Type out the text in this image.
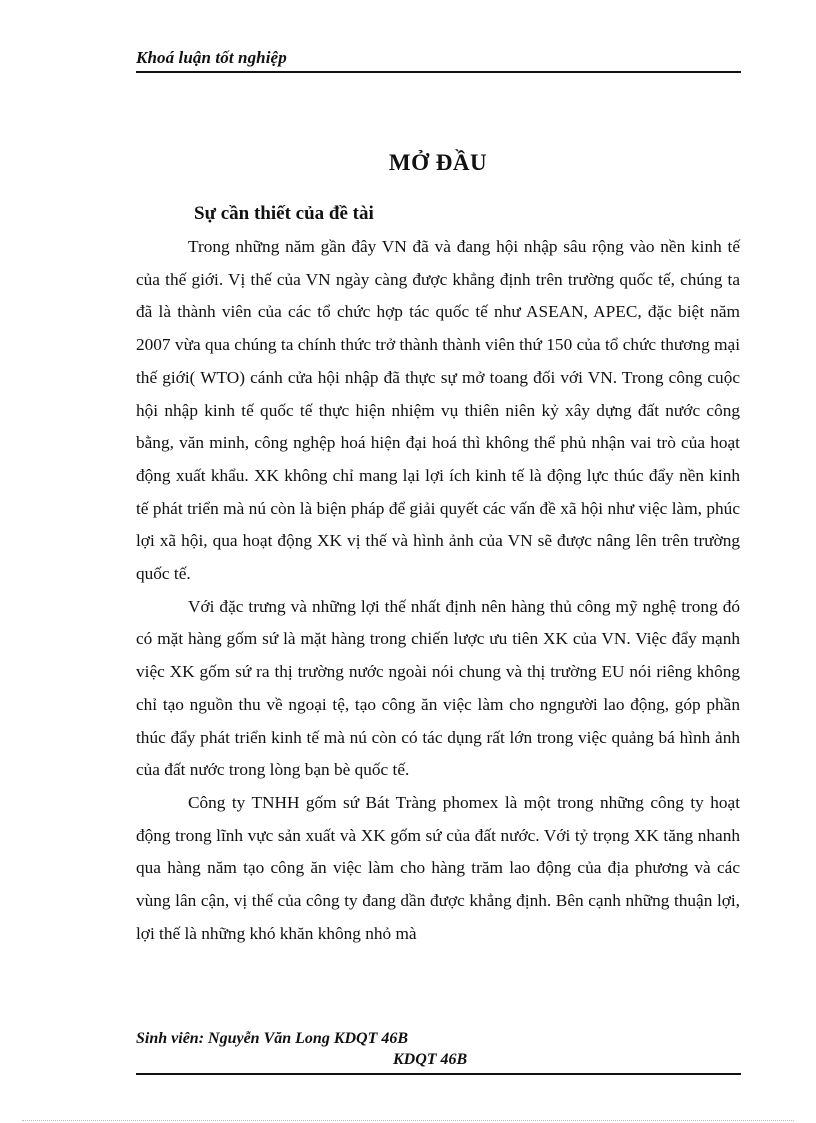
Khoá luận tốt nghiệp
MỞ ĐẦU
Sự cần thiết của đề tài

Trong những năm gần đây VN đã và đang hội nhập sâu rộng vào nền kinh tế của thế giới. Vị thế của VN ngày càng được khẳng định trên trường quốc tế, chúng ta đã là thành viên của các tổ chức hợp tác quốc tế như ASEAN, APEC, đặc biệt năm 2007 vừa qua chúng ta chính thức trở thành thành viên thứ 150 của tổ chức thương mại thế giới( WTO) cánh cửa hội nhập đã thực sự mở toang đối với VN. Trong công cuộc hội nhập kinh tế quốc tế thực hiện nhiệm vụ thiên niên kỷ xây dựng đất nước công bằng, văn minh, công nghệp hoá hiện đại hoá thì không thể phủ nhận vai trò của hoạt động xuất khẩu. XK không chỉ mang lại lợi ích kinh tế là động lực thúc đẩy nền kinh tế phát triển mà nú còn là biện pháp để giải quyết các vấn đề xã hội như việc làm, phúc lợi xã hội, qua hoạt động XK vị thế và hình ảnh của VN sẽ được nâng lên trên trường quốc tế.

Với đặc trưng và những lợi thế nhất định nên hàng thủ công mỹ nghệ trong đó có mặt hàng gốm sứ là mặt hàng trong chiến lược ưu tiên XK của VN. Việc đẩy mạnh việc XK gốm sứ ra thị trường nước ngoài nói chung và thị trường EU nói riêng không chỉ tạo nguồn thu về ngoại tệ, tạo công ăn việc làm cho ngngười lao động, góp phần thúc đẩy phát triển kinh tế mà nú còn có tác dụng rất lớn trong việc quảng bá hình ảnh của đất nước trong lòng bạn bè quốc tế.

Công ty TNHH gốm sứ Bát Tràng phomex là một trong những công ty hoạt động trong lĩnh vực sản xuất và XK gốm sứ của đất nước. Với tỷ trọng XK tăng nhanh qua hàng năm tạo công ăn việc làm cho hàng trăm lao động của địa phương và các vùng lân cận, vị thế của công ty đang dần được khẳng định. Bên cạnh những thuận lợi, lợi thế là những khó khăn không nhỏ mà

Sinh viên: Nguyễn Văn Long KDQT 46B
KDQT 46B
